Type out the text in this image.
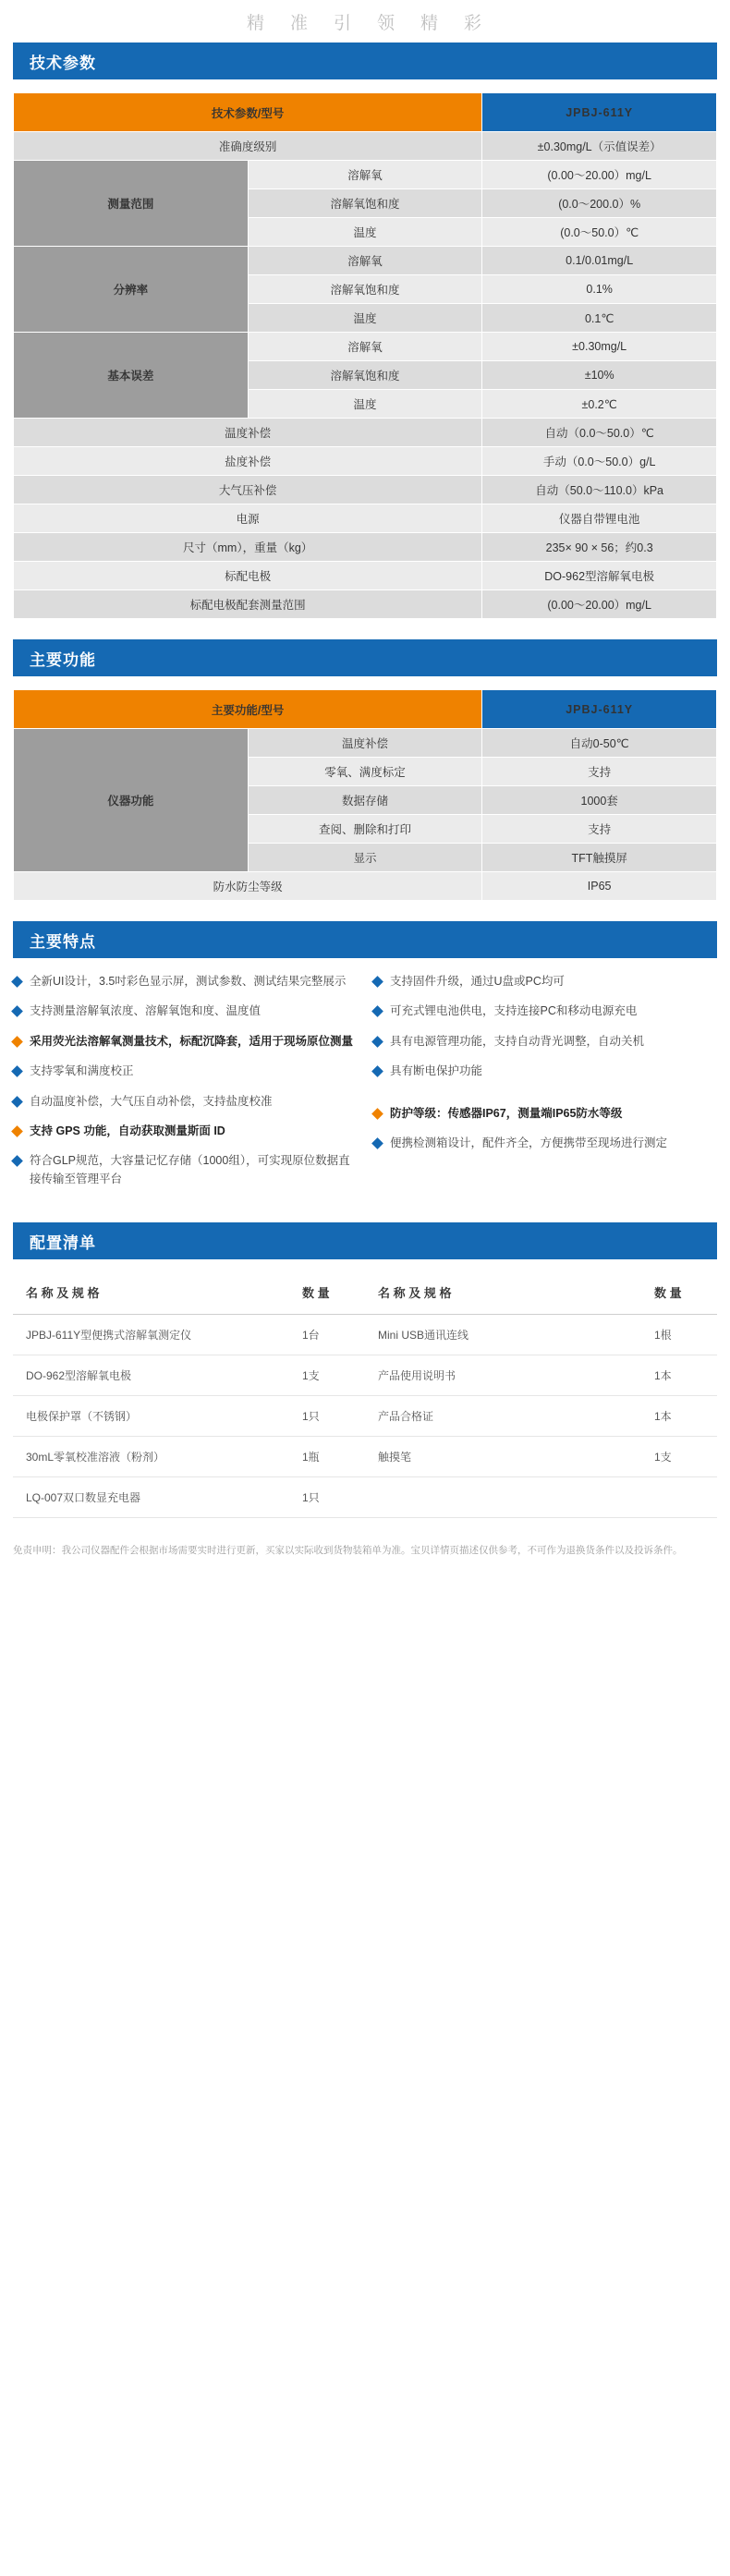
精 准 引 领 精 彩
技术参数
技术参数/型号		JPBJ-611Y
准确度级别		±0.30mg/L（示值误差）
测量范围	溶解氧	(0.00～20.00）mg/L
	溶解氧饱和度	(0.0～200.0）%
	温度	(0.0～50.0）℃
分辨率	溶解氧	0.1/0.01mg/L
	溶解氧饱和度	0.1%
	温度	0.1℃
基本误差	溶解氧	±0.30mg/L
	溶解氧饱和度	±10%
	温度	±0.2℃
温度补偿		自动（0.0～50.0）℃
盐度补偿		手动（0.0～50.0）g/L
大气压补偿		自动（50.0～110.0）kPa
电源		仪器自带锂电池
尺寸（mm），重量（kg）		235× 90 × 56；约0.3
标配电极		DO-962型溶解氧电极
标配电极配套测量范围		(0.00～20.00）mg/L
主要功能
主要功能/型号		JPBJ-611Y
仪器功能	温度补偿	自动0-50℃
	零氧、满度标定	支持
	数据存储	1000套
	查阅、删除和打印	支持
	显示	TFT触摸屏
防水防尘等级		IP65
主要特点
全新UI设计，3.5吋彩色显示屏，测试参数、测试结果完整展示
支持测量溶解氧浓度、溶解氧饱和度、温度值
采用荧光法溶解氧测量技术，标配沉降套，适用于现场原位测量
支持零氧和满度校正
自动温度补偿，大气压自动补偿，支持盐度校准
支持 GPS 功能，自动获取测量斯面 ID
符合GLP规范，大容量记忆存储（1000组），可实现原位数据直接传输至管理平台
支持固件升级，通过U盘或PC均可
可充式锂电池供电，支持连接PC和移动电源充电
具有电源管理功能，支持自动背光调整，自动关机
具有断电保护功能
防护等级：传感器IP67，测量端IP65防水等级
便携检测箱设计，配件齐全，方便携带至现场进行测定
配置清单
名 称 及 规 格	数 量	名 称 及 规 格	数 量
JPBJ-611Y型便携式溶解氧测定仪	1台	Mini USB通讯连线	1根
DO-962型溶解氧电极	1支	产品使用说明书	1本
电极保护罩（不锈钢）	1只	产品合格证	1本
30mL零氧校准溶液（粉剂）	1瓶	触摸笔	1支
LQ-007双口数显充电器	1只		
免责申明：我公司仪器配件会根据市场需要实时进行更新，买家以实际收到货物装箱单为准。宝贝详情页描述仅供参考，不可作为退换货条件以及投诉条件。
